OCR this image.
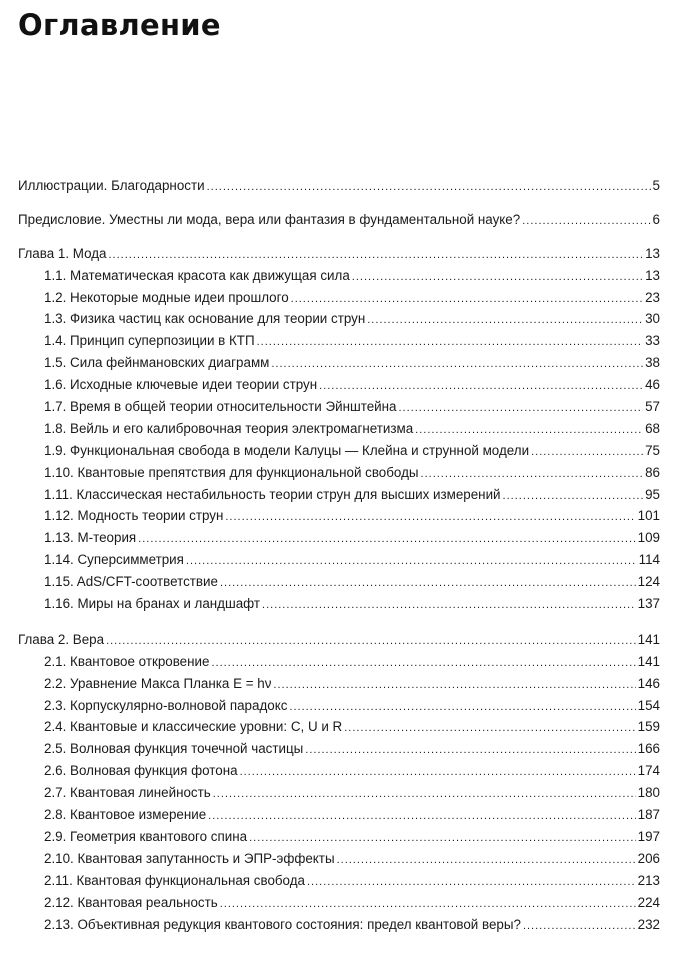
Оглавление
Иллюстрации. Благодарности .....	5
Предисловие. Уместны ли мода, вера или фантазия в фундаментальной науке? .....	6
Глава 1. Мода .....	13
1.1. Математическая красота как движущая сила .....	13
1.2. Некоторые модные идеи прошлого .....	23
1.3. Физика частиц как основание для теории струн .....	30
1.4. Принцип суперпозиции в КТП .....	33
1.5. Сила фейнмановских диаграмм .....	38
1.6. Исходные ключевые идеи теории струн .....	46
1.7. Время в общей теории относительности Эйнштейна .....	57
1.8. Вейль и его калибровочная теория электромагнетизма .....	68
1.9. Функциональная свобода в модели Калуцы — Клейна и струнной модели .....	75
1.10. Квантовые препятствия для функциональной свободы .....	86
1.11. Классическая нестабильность теории струн для высших измерений .....	95
1.12. Модность теории струн .....	101
1.13. М-теория .....	109
1.14. Суперсимметрия .....	114
1.15. AdS/CFT-соответствие .....	124
1.16. Миры на бранах и ландшафт .....	137
Глава 2. Вера .....	141
2.1. Квантовое откровение .....	141
2.2. Уравнение Макса Планка E = hν .....	146
2.3. Корпускулярно-волновой парадокс .....	154
2.4. Квантовые и классические уровни: C, U и R .....	159
2.5. Волновая функция точечной частицы .....	166
2.6. Волновая функция фотона .....	174
2.7. Квантовая линейность .....	180
2.8. Квантовое измерение .....	187
2.9. Геометрия квантового спина .....	197
2.10. Квантовая запутанность и ЭПР-эффекты .....	206
2.11. Квантовая функциональная свобода .....	213
2.12. Квантовая реальность .....	224
2.13. Объективная редукция квантового состояния: предел квантовой веры? .....	232
